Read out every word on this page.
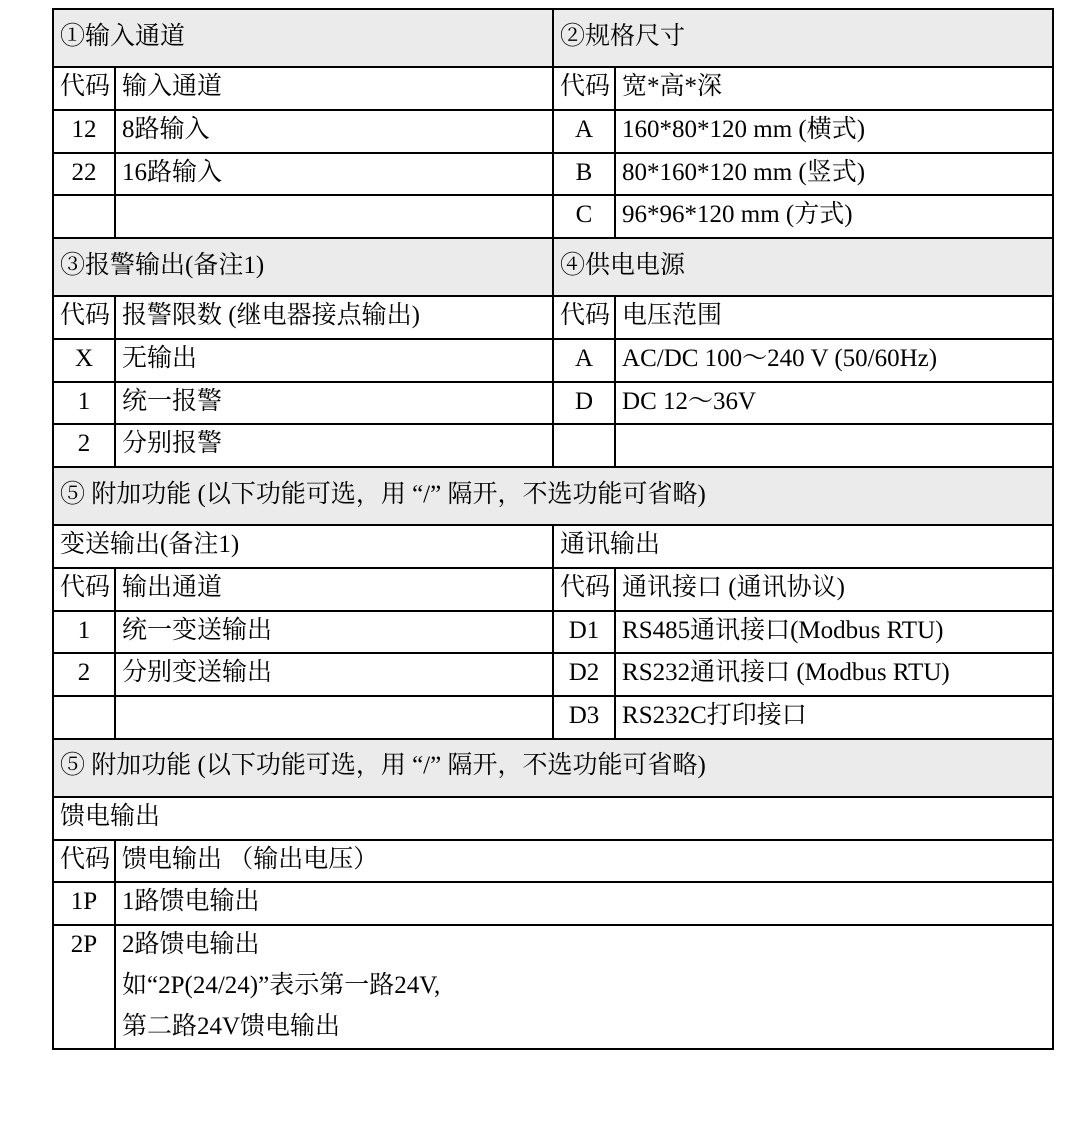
①输入通道		②规格尺寸	
代码	输入通道	代码	宽*高*深
12	8路输入	A	160*80*120 mm (横式)
22	16路输入	B	80*160*120 mm (竖式)
		C	96*96*120 mm (方式)
③报警输出(备注1)		④供电电源	
代码	报警限数 (继电器接点输出)	代码	电压范围
X	无输出	A	AC/DC 100～240 V (50/60Hz)
1	统一报警	D	DC 12～36V
2	分别报警		
⑤ 附加功能 (以下功能可选，用 “/” 隔开，不选功能可省略)			
变送输出(备注1)		通讯输出	
代码	输出通道	代码	通讯接口 (通讯协议)
1	统一变送输出	D1	RS485通讯接口(Modbus RTU)
2	分别变送输出	D2	RS232通讯接口 (Modbus RTU)
		D3	RS232C打印接口
⑤ 附加功能 (以下功能可选，用 “/” 隔开，不选功能可省略)			
馈电输出			
代码	馈电输出 （输出电压）		
1P	1路馈电输出		
2P	2路馈电输出		
	如“2P(24/24)”表示第一路24V,		
	第二路24V馈电输出		
